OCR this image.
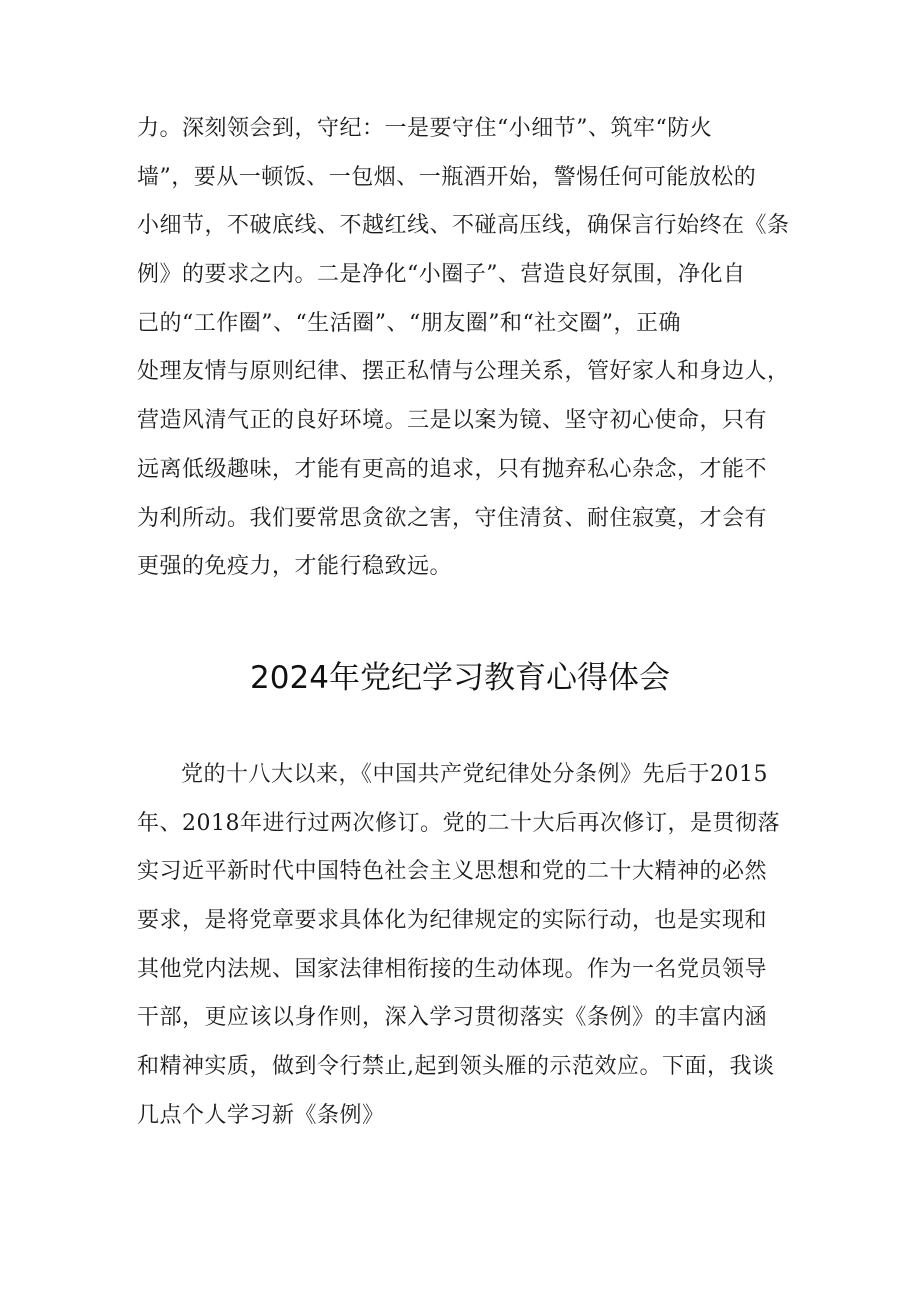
力。深刻领会到，守纪：一是要守住“小细节”、筑牢“防火
墙”，要从一顿饭、一包烟、一瓶酒开始，警惕任何可能放松的
小细节，不破底线、不越红线、不碰高压线，确保言行始终在《条
例》的要求之内。二是净化“小圈子”、营造良好氛围，净化自
己的“工作圈”、“生活圈”、“朋友圈”和“社交圈”，正确
处理友情与原则纪律、摆正私情与公理关系，管好家人和身边人，
营造风清气正的良好环境。三是以案为镜、坚守初心使命，只有
远离低级趣味，才能有更高的追求，只有抛弃私心杂念，才能不
为利所动。我们要常思贪欲之害，守住清贫、耐住寂寞，才会有
更强的免疫力，才能行稳致远。
2024年党纪学习教育心得体会
党的十八大以来，《中国共产党纪律处分条例》先后于2015
年、2018年进行过两次修订。党的二十大后再次修订，是贯彻落
实习近平新时代中国特色社会主义思想和党的二十大精神的必然
要求，是将党章要求具体化为纪律规定的实际行动，也是实现和
其他党内法规、国家法律相衔接的生动体现。作为一名党员领导
干部，更应该以身作则，深入学习贯彻落实《条例》的丰富内涵
和精神实质，做到令行禁止,起到领头雁的示范效应。下面，我谈
几点个人学习新《条例》
